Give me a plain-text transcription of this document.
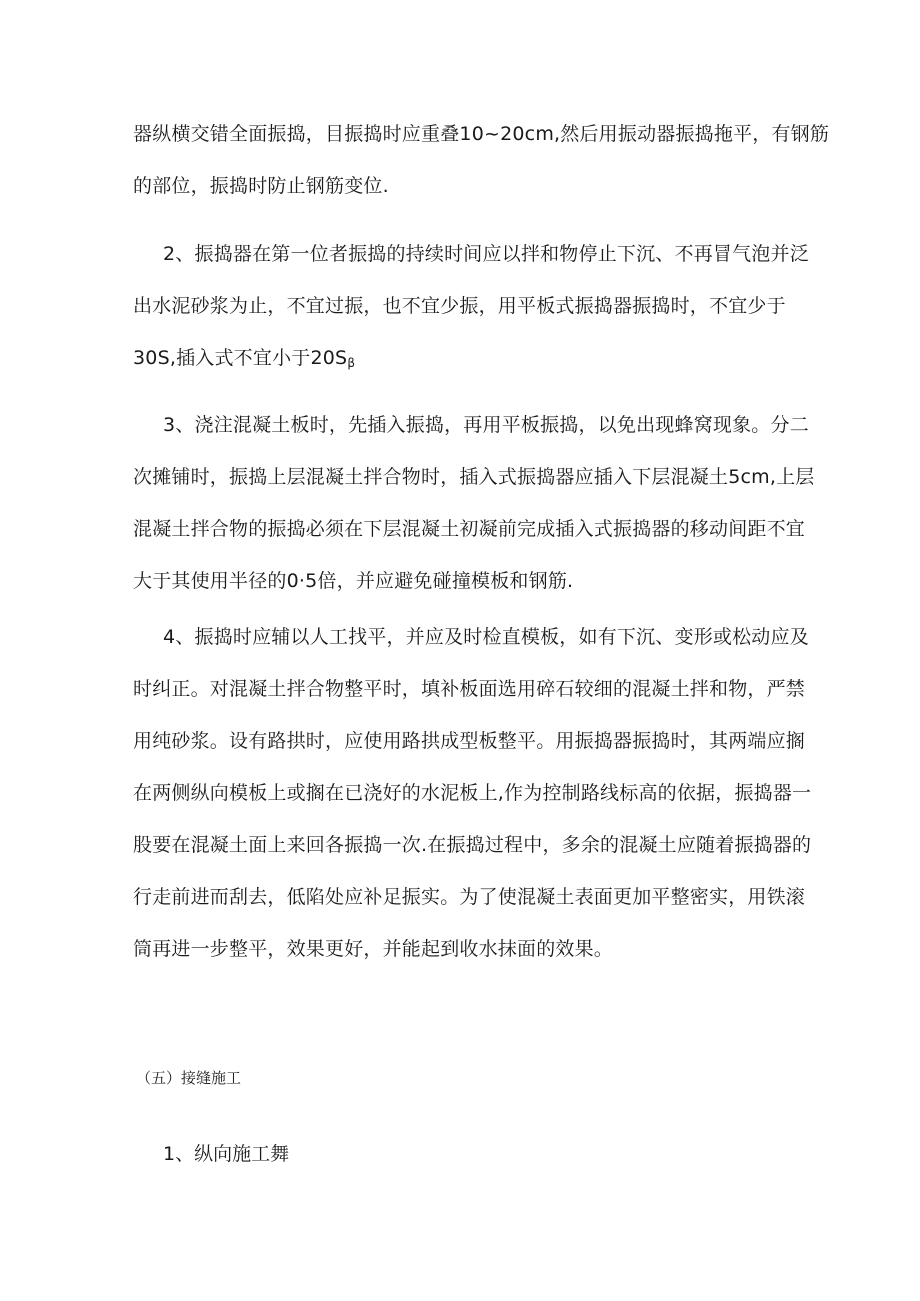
器纵横交错全面振捣，目振捣时应重叠10~20cm,然后用振动器振捣拖平，有钢筋
的部位，振捣时防止钢筋变位.
2、振捣器在第一位者振捣的持续时间应以拌和物停止下沉、不再冒气泡并泛
出水泥砂浆为止，不宜过振，也不宜少振，用平板式振捣器振捣时，不宜少于
30S,插入式不宜小于$20S_\beta$
3、浇注混凝土板时，先插入振捣，再用平板振捣，以免出现蜂窝现象。分二
次摊铺时，振捣上层混凝土拌合物时，插入式振捣器应插入下层混凝土5cm,上层
混凝土拌合物的振捣必须在下层混凝土初凝前完成插入式振捣器的移动间距不宜
大于其使用半径的0·5倍，并应避免碰撞模板和钢筋.
4、振捣时应辅以人工找平，并应及时检直模板，如有下沉、变形或松动应及
时纠正。对混凝土拌合物整平时，填补板面选用碎石较细的混凝土拌和物，严禁
用纯砂浆。设有路拱时，应使用路拱成型板整平。用振捣器振捣时，其两端应搁
在两侧纵向模板上或搁在已浇好的水泥板上,作为控制路线标高的依据，振捣器一
股要在混凝土面上来回各振捣一次.在振捣过程中，多余的混凝土应随着振捣器的
行走前进而刮去，低陷处应补足振实。为了使混凝土表面更加平整密实，用铁滚
筒再进一步整平，效果更好，并能起到收水抹面的效果。
（五）接缝施工
1、纵向施工舞
